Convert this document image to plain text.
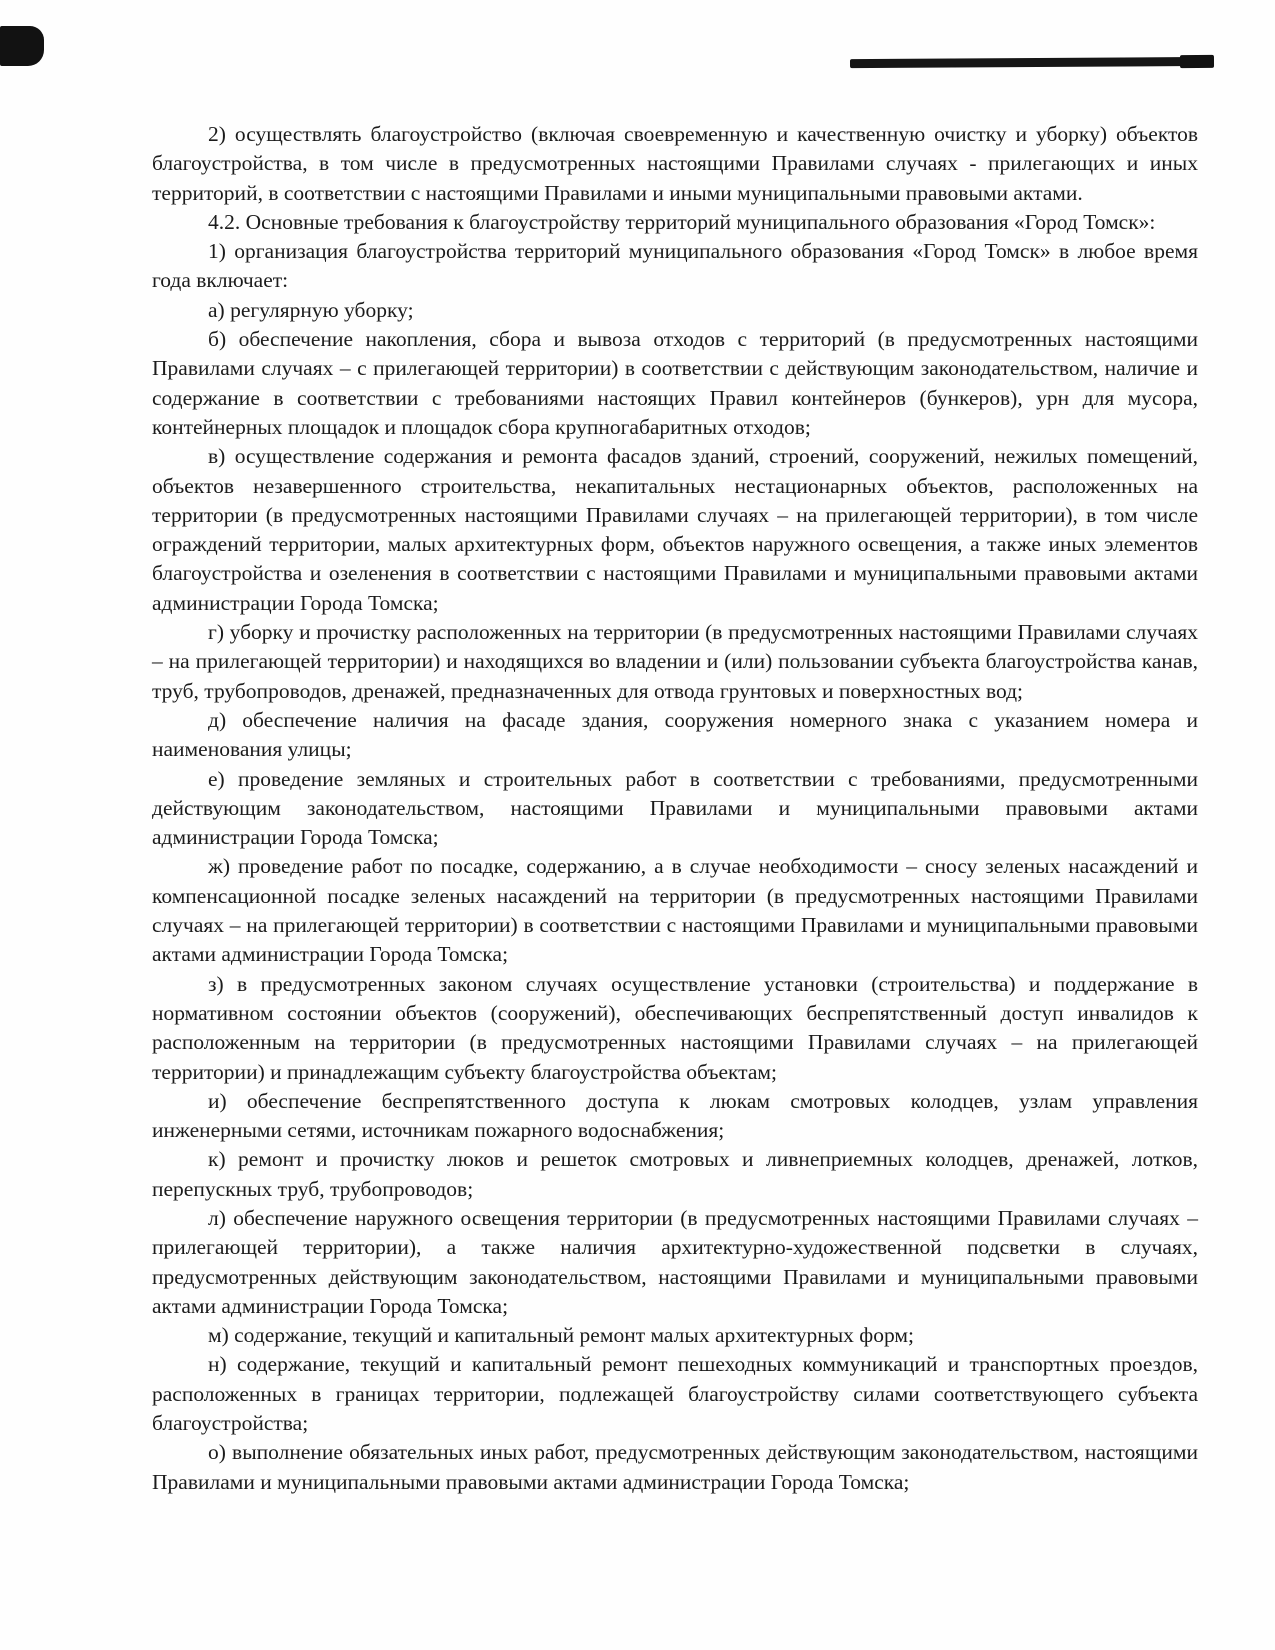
2) осуществлять благоустройство (включая своевременную и качественную очистку и уборку) объектов благоустройства, в том числе в предусмотренных настоящими Правилами случаях - прилегающих и иных территорий, в соответствии с настоящими Правилами и иными муниципальными правовыми актами.

4.2. Основные требования к благоустройству территорий муниципального образования «Город Томск»:

1) организация благоустройства территорий муниципального образования «Город Томск» в любое время года включает:

а) регулярную уборку;

б) обеспечение накопления, сбора и вывоза отходов с территорий (в предусмотренных настоящими Правилами случаях – с прилегающей территории) в соответствии с действующим законодательством, наличие и содержание в соответствии с требованиями настоящих Правил контейнеров (бункеров), урн для мусора, контейнерных площадок и площадок сбора крупногабаритных отходов;

в) осуществление содержания и ремонта фасадов зданий, строений, сооружений, нежилых помещений, объектов незавершенного строительства, некапитальных нестационарных объектов, расположенных на территории (в предусмотренных настоящими Правилами случаях – на прилегающей территории), в том числе ограждений территории, малых архитектурных форм, объектов наружного освещения, а также иных элементов благоустройства и озеленения в соответствии с настоящими Правилами и муниципальными правовыми актами администрации Города Томска;

г) уборку и прочистку расположенных на территории (в предусмотренных настоящими Правилами случаях – на прилегающей территории) и находящихся во владении и (или) пользовании субъекта благоустройства канав, труб, трубопроводов, дренажей, предназначенных для отвода грунтовых и поверхностных вод;

д) обеспечение наличия на фасаде здания, сооружения номерного знака с указанием номера и наименования улицы;

е) проведение земляных и строительных работ в соответствии с требованиями, предусмотренными действующим законодательством, настоящими Правилами и муниципальными правовыми актами администрации Города Томска;

ж) проведение работ по посадке, содержанию, а в случае необходимости – сносу зеленых насаждений и компенсационной посадке зеленых насаждений на территории (в предусмотренных настоящими Правилами случаях – на прилегающей территории) в соответствии с настоящими Правилами и муниципальными правовыми актами администрации Города Томска;

з) в предусмотренных законом случаях осуществление установки (строительства) и поддержание в нормативном состоянии объектов (сооружений), обеспечивающих беспрепятственный доступ инвалидов к расположенным на территории (в предусмотренных настоящими Правилами случаях – на прилегающей территории) и принадлежащим субъекту благоустройства объектам;

и) обеспечение беспрепятственного доступа к люкам смотровых колодцев, узлам управления инженерными сетями, источникам пожарного водоснабжения;

к) ремонт и прочистку люков и решеток смотровых и ливнеприемных колодцев, дренажей, лотков, перепускных труб, трубопроводов;

л) обеспечение наружного освещения территории (в предусмотренных настоящими Правилами случаях – прилегающей территории), а также наличия архитектурно-художественной подсветки в случаях, предусмотренных действующим законодательством, настоящими Правилами и муниципальными правовыми актами администрации Города Томска;

м) содержание, текущий и капитальный ремонт малых архитектурных форм;

н) содержание, текущий и капитальный ремонт пешеходных коммуникаций и транспортных проездов, расположенных в границах территории, подлежащей благоустройству силами соответствующего субъекта благоустройства;

о) выполнение обязательных иных работ, предусмотренных действующим законодательством, настоящими Правилами и муниципальными правовыми актами администрации Города Томска;
